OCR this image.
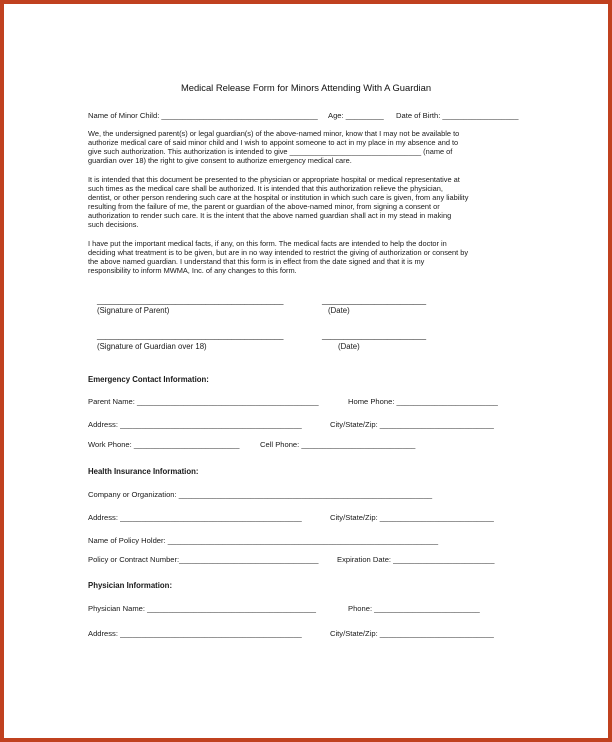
Medical Release Form for Minors Attending With A Guardian
Name of Minor Child: _____________________________________ Age: _________ Date of Birth: __________________
We, the undersigned parent(s) or legal guardian(s) of the above-named minor, know that I may not be available to
authorize medical care of said minor child and I wish to appoint someone to act in my place in my absence and to
give such authorization. This authorization is intended to give ________________________________ (name of
guardian over 18) the right to give consent to authorize emergency medical care.
It is intended that this document be presented to the physician or appropriate hospital or medical representative at
such times as the medical care shall be authorized. It is intended that this authorization relieve the physician,
dentist, or other person rendering such care at the hospital or institution in which such care is given, from any liability
resulting from the failure of me, the parent or guardian of the above-named minor, from signing a consent or
authorization to render such care. It is the intent that the above named guardian shall act in my stead in making
such decisions.
I have put the important medical facts, if any, on this form. The medical facts are intended to help the doctor in
deciding what treatment is to be given, but are in no way intended to restrict the giving of authorization or consent by
the above named guardian. I understand that this form is in effect from the date signed and that it is my
responsibility to inform MWMA, Inc. of any changes to this form.
___________________________________________	________________________
(Signature of Parent)	(Date)
___________________________________________	________________________
(Signature of Guardian over 18)	(Date)
Emergency Contact Information:
Parent Name: ___________________________________________	Home Phone: ________________________
Address: ___________________________________________	City/State/Zip: ___________________________
Work Phone: _________________________	Cell Phone: ___________________________
Health Insurance Information:
Company or Organization: ____________________________________________________________
Address: ___________________________________________	City/State/Zip: ___________________________
Name of Policy Holder: ________________________________________________________________
Policy or Contract Number:_________________________________ Expiration Date: ________________________
Physician Information:
Physician Name: ________________________________________	Phone: _________________________
Address: ___________________________________________	City/State/Zip: ___________________________
